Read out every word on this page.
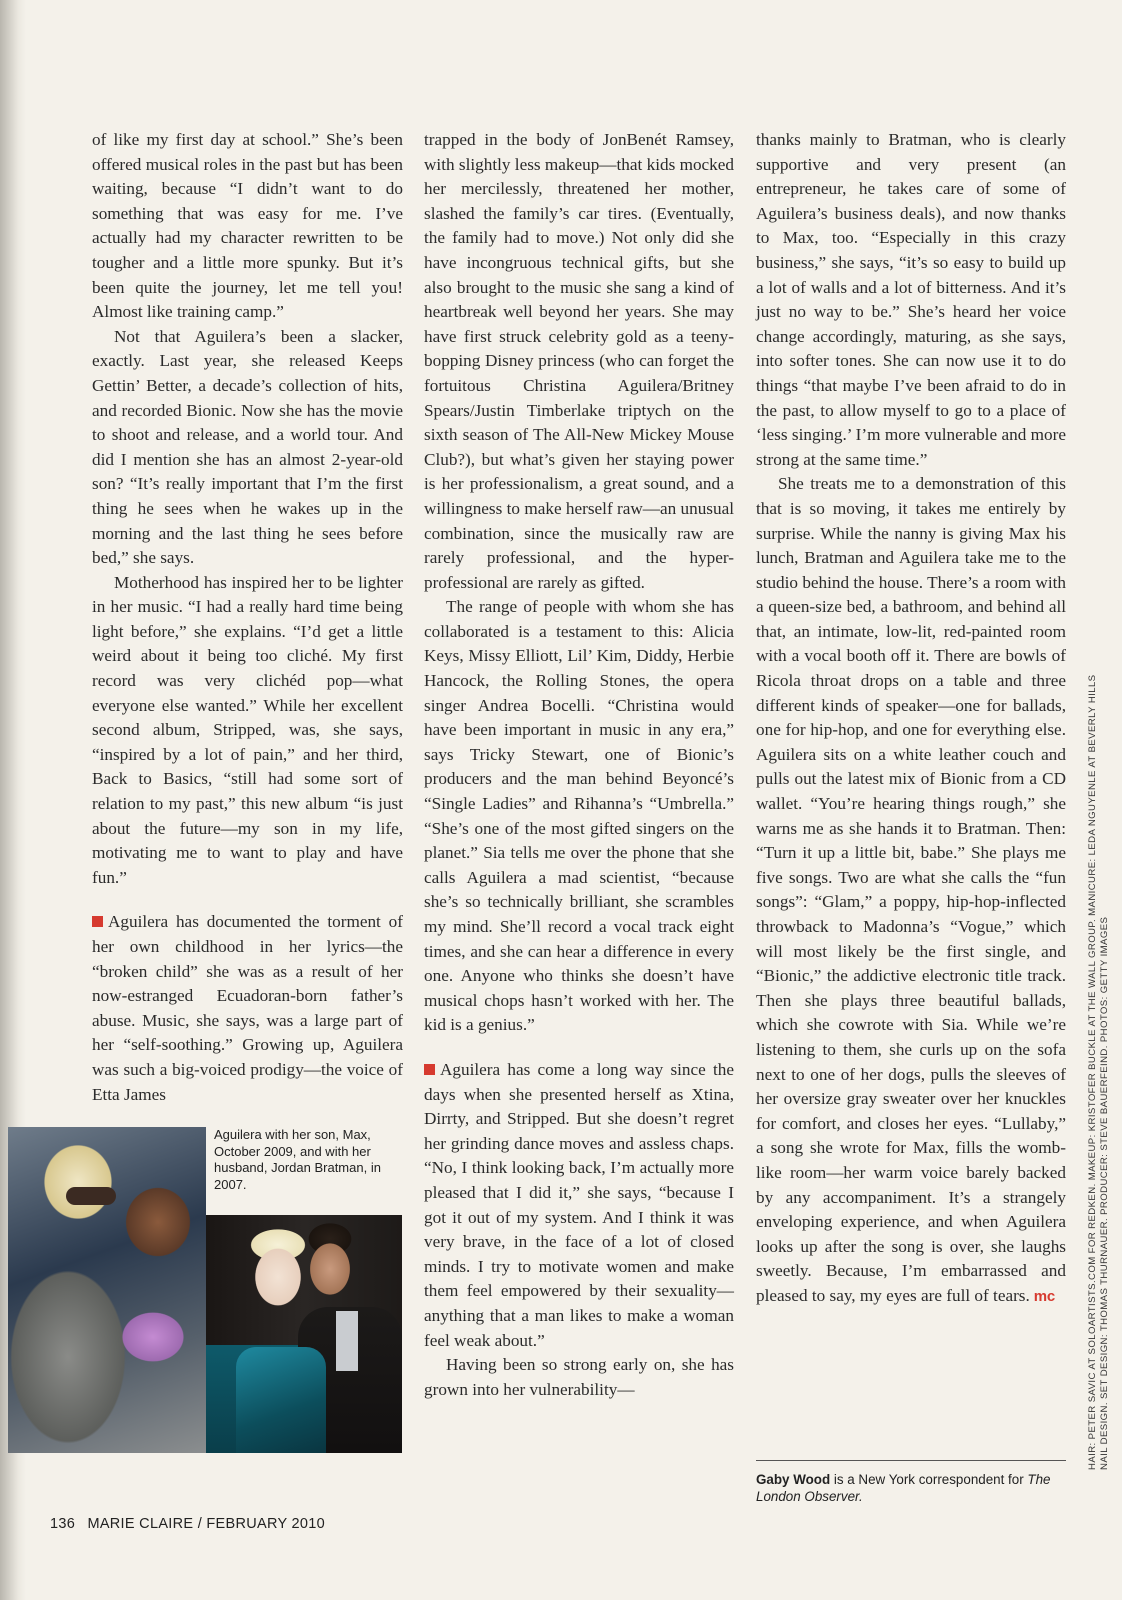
of like my first day at school.” She’s been offered musical roles in the past but has been waiting, because “I didn’t want to do something that was easy for me. I’ve actually had my character rewritten to be tougher and a little more spunky. But it’s been quite the journey, let me tell you! Almost like training camp.”

Not that Aguilera’s been a slacker, exactly. Last year, she released Keeps Gettin’ Better, a decade’s collection of hits, and recorded Bionic. Now she has the movie to shoot and release, and a world tour. And did I mention she has an almost 2-year-old son? “It’s really important that I’m the first thing he sees when he wakes up in the morning and the last thing he sees before bed,” she says.

Motherhood has inspired her to be lighter in her music. “I had a really hard time being light before,” she explains. “I’d get a little weird about it being too cliché. My first record was very clichéd pop—what everyone else wanted.” While her excellent second album, Stripped, was, she says, “inspired by a lot of pain,” and her third, Back to Basics, “still had some sort of relation to my past,” this new album “is just about the future—my son in my life, motivating me to want to play and have fun.”

Aguilera has documented the torment of her own childhood in her lyrics—the “broken child” she was as a result of her now-estranged Ecuadoran-born father’s abuse. Music, she says, was a large part of her “self-soothing.” Growing up, Aguilera was such a big-voiced prodigy—the voice of Etta James

trapped in the body of JonBenét Ramsey, with slightly less makeup—that kids mocked her mercilessly, threatened her mother, slashed the family’s car tires. (Eventually, the family had to move.) Not only did she have incongruous technical gifts, but she also brought to the music she sang a kind of heartbreak well beyond her years. She may have first struck celebrity gold as a teeny-bopping Disney princess (who can forget the fortuitous Christina Aguilera/Britney Spears/Justin Timberlake triptych on the sixth season of The All-New Mickey Mouse Club?), but what’s given her staying power is her professionalism, a great sound, and a willingness to make herself raw—an unusual combination, since the musically raw are rarely professional, and the hyper-professional are rarely as gifted.

The range of people with whom she has collaborated is a testament to this: Alicia Keys, Missy Elliott, Lil’ Kim, Diddy, Herbie Hancock, the Rolling Stones, the opera singer Andrea Bocelli. “Christina would have been important in music in any era,” says Tricky Stewart, one of Bionic’s producers and the man behind Beyoncé’s “Single Ladies” and Rihanna’s “Umbrella.” “She’s one of the most gifted singers on the planet.” Sia tells me over the phone that she calls Aguilera a mad scientist, “because she’s so technically brilliant, she scrambles my mind. She’ll record a vocal track eight times, and she can hear a difference in every one. Anyone who thinks she doesn’t have musical chops hasn’t worked with her. The kid is a genius.”

Aguilera has come a long way since the days when she presented herself as Xtina, Dirrty, and Stripped. But she doesn’t regret her grinding dance moves and assless chaps. “No, I think looking back, I’m actually more pleased that I did it,” she says, “because I got it out of my system. And I think it was very brave, in the face of a lot of closed minds. I try to motivate women and make them feel empowered by their sexuality—anything that a man likes to make a woman feel weak about.”

Having been so strong early on, she has grown into her vulnerability—

thanks mainly to Bratman, who is clearly supportive and very present (an entrepreneur, he takes care of some of Aguilera’s business deals), and now thanks to Max, too. “Especially in this crazy business,” she says, “it’s so easy to build up a lot of walls and a lot of bitterness. And it’s just no way to be.” She’s heard her voice change accordingly, maturing, as she says, into softer tones. She can now use it to do things “that maybe I’ve been afraid to do in the past, to allow myself to go to a place of ‘less singing.’ I’m more vulnerable and more strong at the same time.”

She treats me to a demonstration of this that is so moving, it takes me entirely by surprise. While the nanny is giving Max his lunch, Bratman and Aguilera take me to the studio behind the house. There’s a room with a queen-size bed, a bathroom, and behind all that, an intimate, low-lit, red-painted room with a vocal booth off it. There are bowls of Ricola throat drops on a table and three different kinds of speaker—one for ballads, one for hip-hop, and one for everything else. Aguilera sits on a white leather couch and pulls out the latest mix of Bionic from a CD wallet. “You’re hearing things rough,” she warns me as she hands it to Bratman. Then: “Turn it up a little bit, babe.” She plays me five songs. Two are what she calls the “fun songs”: “Glam,” a poppy, hip-hop-inflected throwback to Madonna’s “Vogue,” which will most likely be the first single, and “Bionic,” the addictive electronic title track. Then she plays three beautiful ballads, which she cowrote with Sia. While we’re listening to them, she curls up on the sofa next to one of her dogs, pulls the sleeves of her oversize gray sweater over her knuckles for comfort, and closes her eyes. “Lullaby,” a song she wrote for Max, fills the womb-like room—her warm voice barely backed by any accompaniment. It’s a strangely enveloping experience, and when Aguilera looks up after the song is over, she laughs sweetly. Because, I’m embarrassed and pleased to say, my eyes are full of tears. mc

Gaby Wood is a New York correspondent for The London Observer.
Aguilera with her son, Max, October 2009, and with her husband, Jordan Bratman, in 2007.
136 MARIE CLAIRE / FEBRUARY 2010
HAIR: PETER SAVIC AT SOLOARTISTS.COM FOR REDKEN. MAKEUP: KRISTOFER BUCKLE AT THE WALL GROUP. MANICURE: LEDA NGUYENLE AT BEVERLY HILLS NAIL DESIGN. SET DESIGN: THOMAS THURNAUER. PRODUCER: STEVE BAUERFEIND. PHOTOS: GETTY IMAGES
